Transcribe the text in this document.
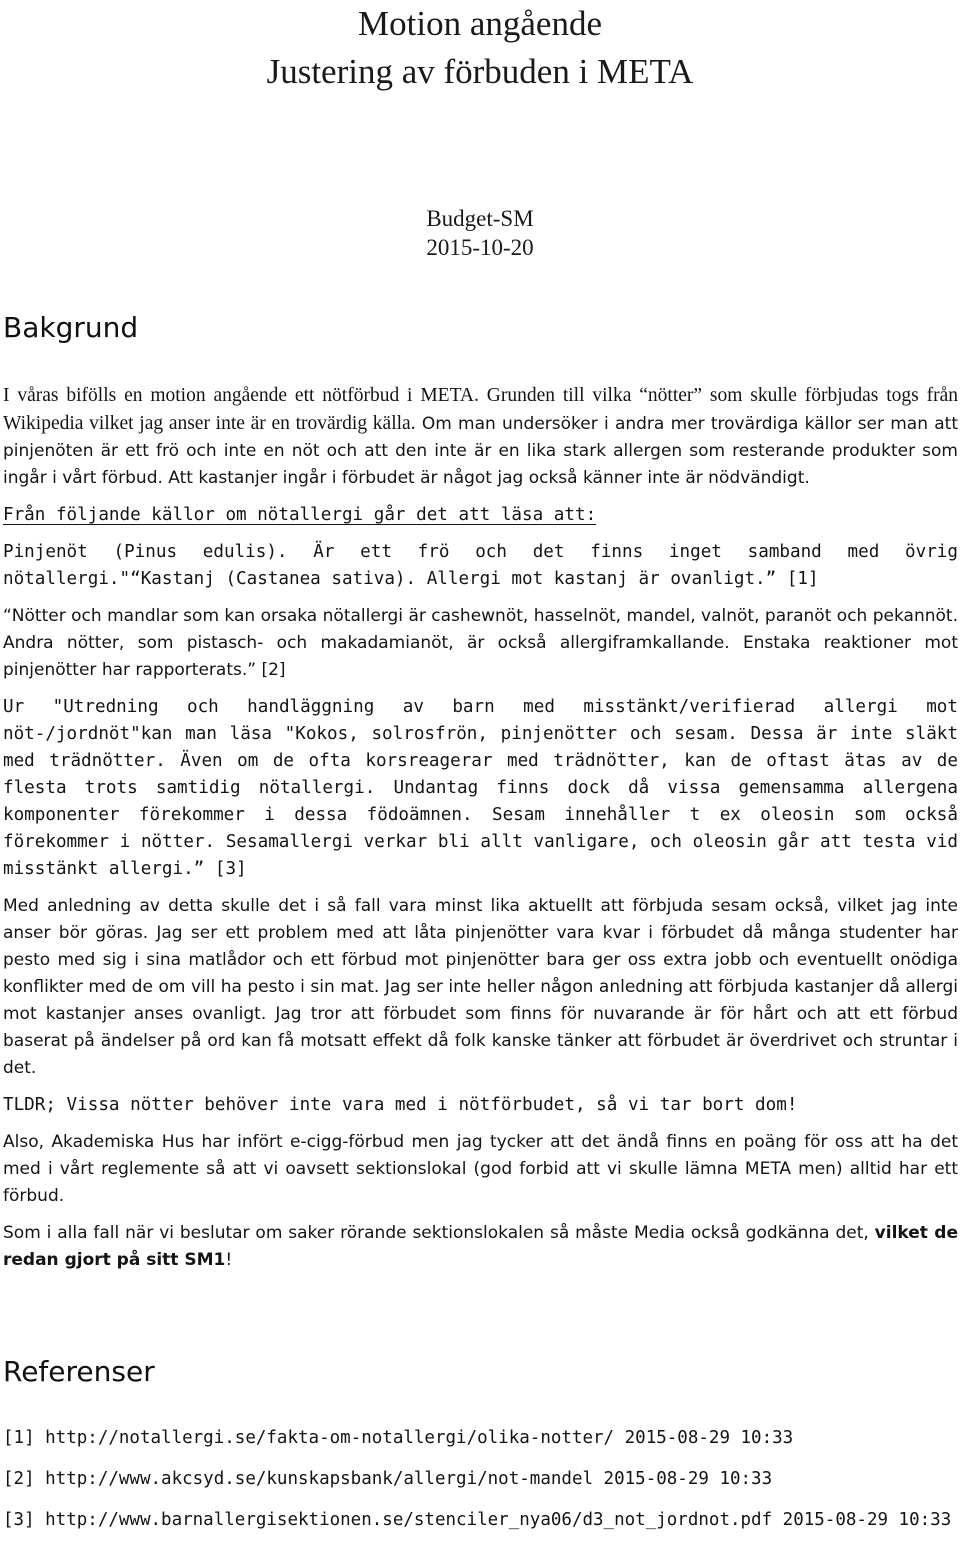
Motion angående
Justering av förbuden i META
Budget-SM
2015-10-20
Bakgrund

I våras bifölls en motion angående ett nötförbud i META. Grunden till vilka “nötter” som skulle förbjudas togs från Wikipedia vilket jag anser inte är en trovärdig källa. Om man undersöker i andra mer trovärdiga källor ser man att pinjenöten är ett frö och inte en nöt och att den inte är en lika stark allergen som resterande produkter som ingår i vårt förbud. Att kastanjer ingår i förbudet är något jag också känner inte är nödvändigt.

Från följande källor om nötallergi går det att läsa att:

Pinjenöt (Pinus edulis). Är ett frö och det finns inget samband med övrig nötallergi."“Kastanj (Castanea sativa). Allergi mot kastanj är ovanligt.” [1]

“Nötter och mandlar som kan orsaka nötallergi är cashewnöt, hasselnöt, mandel, valnöt, paranöt och pekannöt. Andra nötter, som pistasch- och makadamianöt, är också allergiframkallande. Enstaka reaktioner mot pinjenötter har rapporterats.” [2]

Ur "Utredning och handläggning av barn med misstänkt/verifierad allergi mot nöt-/jordnöt"kan man läsa "Kokos, solrosfrön, pinjenötter och sesam. Dessa är inte släkt med trädnötter. Även om de ofta korsreagerar med trädnötter, kan de oftast ätas av de flesta trots samtidig nötallergi. Undantag finns dock då vissa gemensamma allergena komponenter förekommer i dessa födoämnen. Sesam innehåller t ex oleosin som också förekommer i nötter. Sesamallergi verkar bli allt vanligare, och oleosin går att testa vid misstänkt allergi.” [3]

Med anledning av detta skulle det i så fall vara minst lika aktuellt att förbjuda sesam också, vilket jag inte anser bör göras. Jag ser ett problem med att låta pinjenötter vara kvar i förbudet då många studenter har pesto med sig i sina matlådor och ett förbud mot pinjenötter bara ger oss extra jobb och eventuellt onödiga konflikter med de om vill ha pesto i sin mat. Jag ser inte heller någon anledning att förbjuda kastanjer då allergi mot kastanjer anses ovanligt. Jag tror att förbudet som finns för nuvarande är för hårt och att ett förbud baserat på ändelser på ord kan få motsatt effekt då folk kanske tänker att förbudet är överdrivet och struntar i det.

TLDR; Vissa nötter behöver inte vara med i nötförbudet, så vi tar bort dom!

Also, Akademiska Hus har infört e-cigg-förbud men jag tycker att det ändå finns en poäng för oss att ha det med i vårt reglemente så att vi oavsett sektionslokal (god forbid att vi skulle lämna META men) alltid har ett förbud.

Som i alla fall när vi beslutar om saker rörande sektionslokalen så måste Media också godkänna det, vilket de redan gjort på sitt SM1!

Referenser
[1] http://notallergi.se/fakta-om-notallergi/olika-notter/ 2015-08-29 10:33
[2] http://www.akcsyd.se/kunskapsbank/allergi/not-mandel 2015-08-29 10:33
[3] http://www.barnallergisektionen.se/stenciler_nya06/d3_not_jordnot.pdf 2015-08-29 10:33
